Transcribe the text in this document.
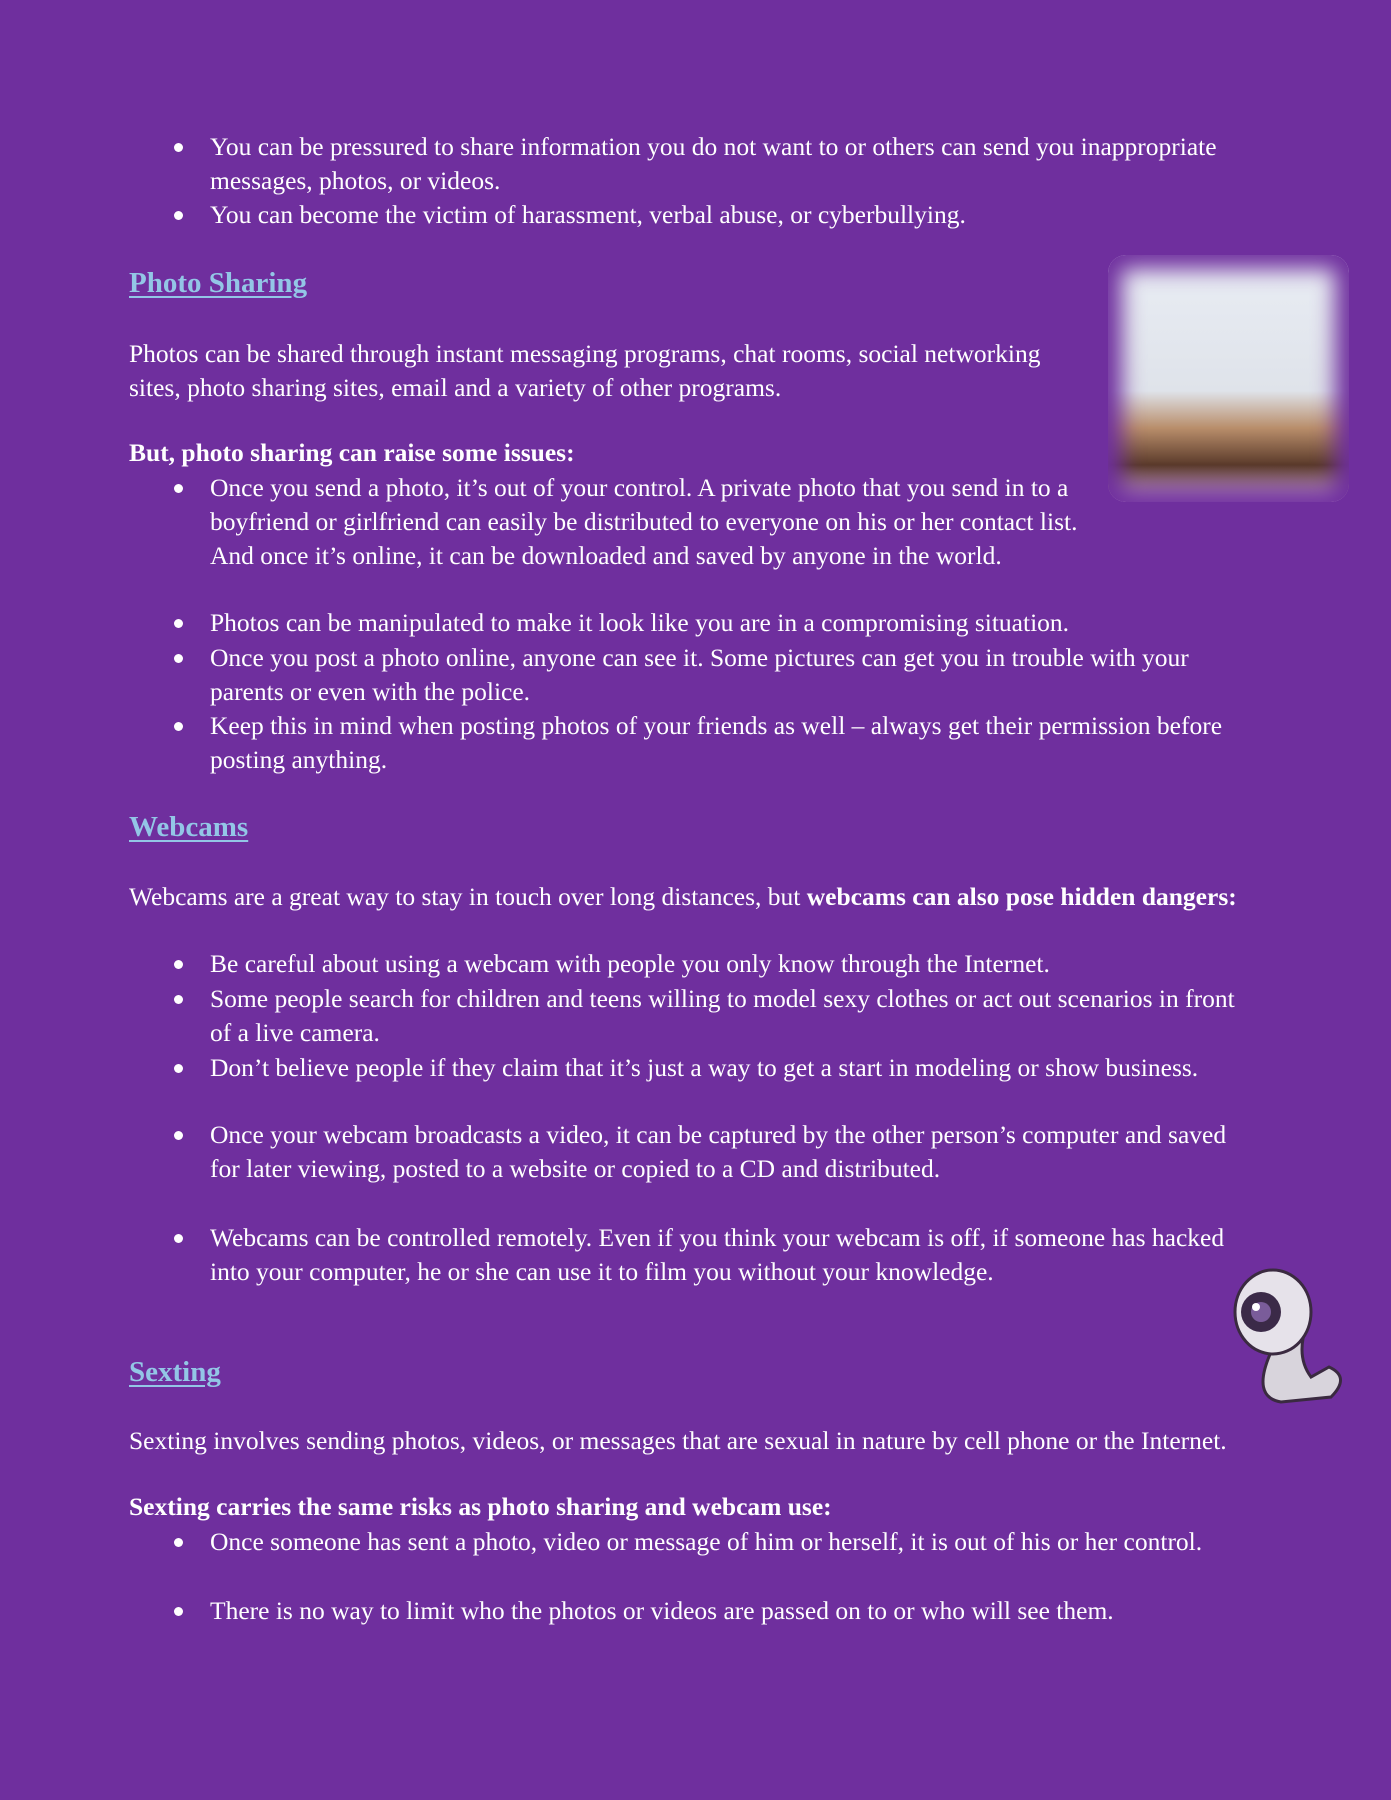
You can be pressured to share information you do not want to or others can send you inappropriate messages, photos, or videos.
You can become the victim of harassment, verbal abuse, or cyberbullying.
Photo Sharing
Photos can be shared through instant messaging programs, chat rooms, social networking sites, photo sharing sites, email and a variety of other programs.
But, photo sharing can raise some issues:
Once you send a photo, it’s out of your control. A private photo that you send in to a boyfriend or girlfriend can easily be distributed to everyone on his or her contact list. And once it’s online, it can be downloaded and saved by anyone in the world.
Photos can be manipulated to make it look like you are in a compromising situation.
Once you post a photo online, anyone can see it. Some pictures can get you in trouble with your parents or even with the police.
Keep this in mind when posting photos of your friends as well – always get their permission before posting anything.
Webcams
Webcams are a great way to stay in touch over long distances, but webcams can also pose hidden dangers:
Be careful about using a webcam with people you only know through the Internet.
Some people search for children and teens willing to model sexy clothes or act out scenarios in front of a live camera.
Don’t believe people if they claim that it’s just a way to get a start in modeling or show business.
Once your webcam broadcasts a video, it can be captured by the other person’s computer and saved for later viewing, posted to a website or copied to a CD and distributed.
Webcams can be controlled remotely. Even if you think your webcam is off, if someone has hacked into your computer, he or she can use it to film you without your knowledge.
Sexting
Sexting involves sending photos, videos, or messages that are sexual in nature by cell phone or the Internet.
Sexting carries the same risks as photo sharing and webcam use:
Once someone has sent a photo, video or message of him or herself, it is out of his or her control.
There is no way to limit who the photos or videos are passed on to or who will see them.
